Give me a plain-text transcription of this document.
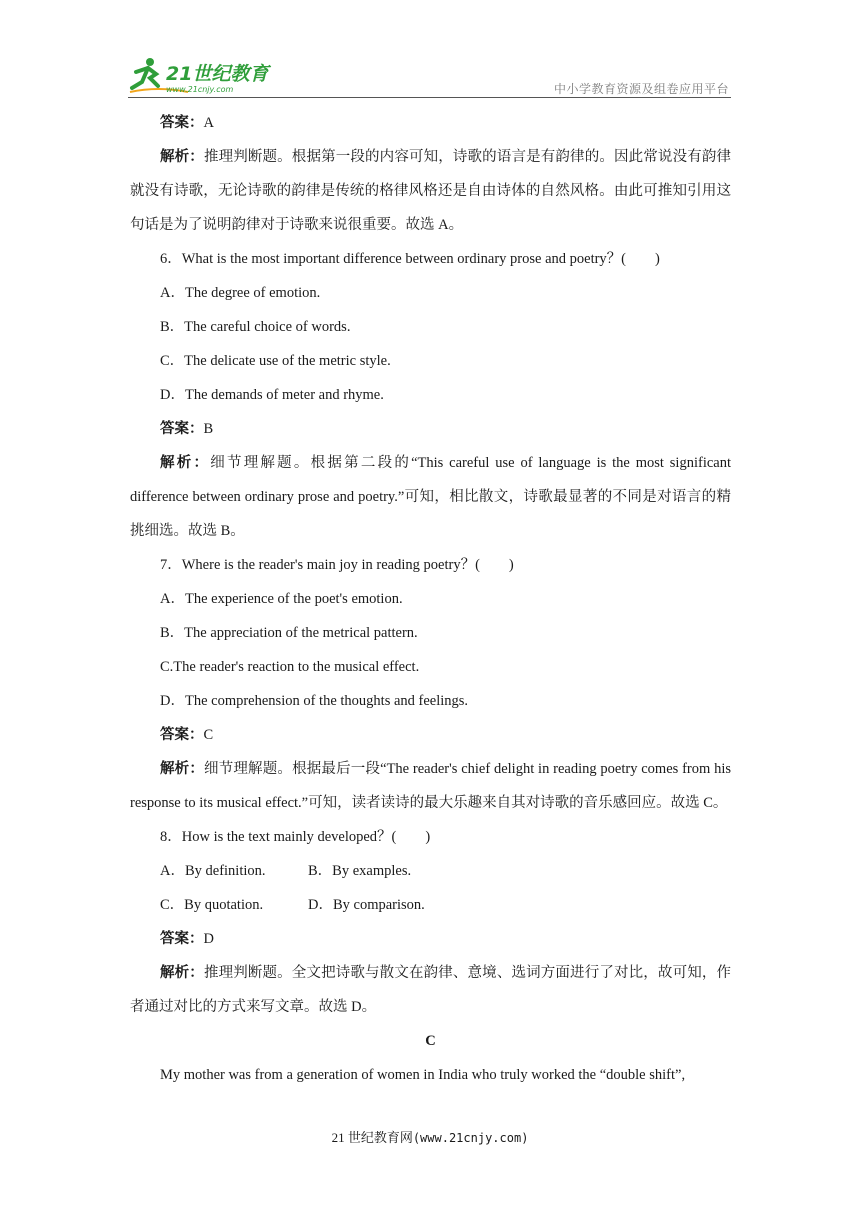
21世纪教育
www.21cnjy.com	中小学教育资源及组卷应用平台

答案：A

解析：推理判断题。根据第一段的内容可知，诗歌的语言是有韵律的。因此常说没有韵律就没有诗歌，无论诗歌的韵律是传统的格律风格还是自由诗体的自然风格。由此可推知引用这句话是为了说明韵律对于诗歌来说很重要。故选 A。

6．What is the most important difference between ordinary prose and poetry？(　　)

A．The degree of emotion.

B．The careful choice of words.

C．The delicate use of the metric style.

D．The demands of meter and rhyme.

答案：B

解析：细节理解题。根据第二段的“This careful use of language is the most significant difference between ordinary prose and poetry.”可知，相比散文，诗歌最显著的不同是对语言的精挑细选。故选 B。

7．Where is the reader's main joy in reading poetry？(　　)

A．The experience of the poet's emotion.

B．The appreciation of the metrical pattern.

C.The reader's reaction to the musical effect.

D．The comprehension of the thoughts and feelings.

答案：C

解析：细节理解题。根据最后一段“The reader's chief delight in reading poetry comes from his response to its musical effect.”可知，读者读诗的最大乐趣来自其对诗歌的音乐感回应。故选 C。

8．How is the text mainly developed？(　　)

A．By definition.	B．By examples.

C．By quotation.	D．By comparison.

答案：D

解析：推理判断题。全文把诗歌与散文在韵律、意境、选词方面进行了对比，故可知，作者通过对比的方式来写文章。故选 D。

C

My mother was from a generation of women in India who truly worked the “double shift”,

21 世纪教育网(www.21cnjy.com)
